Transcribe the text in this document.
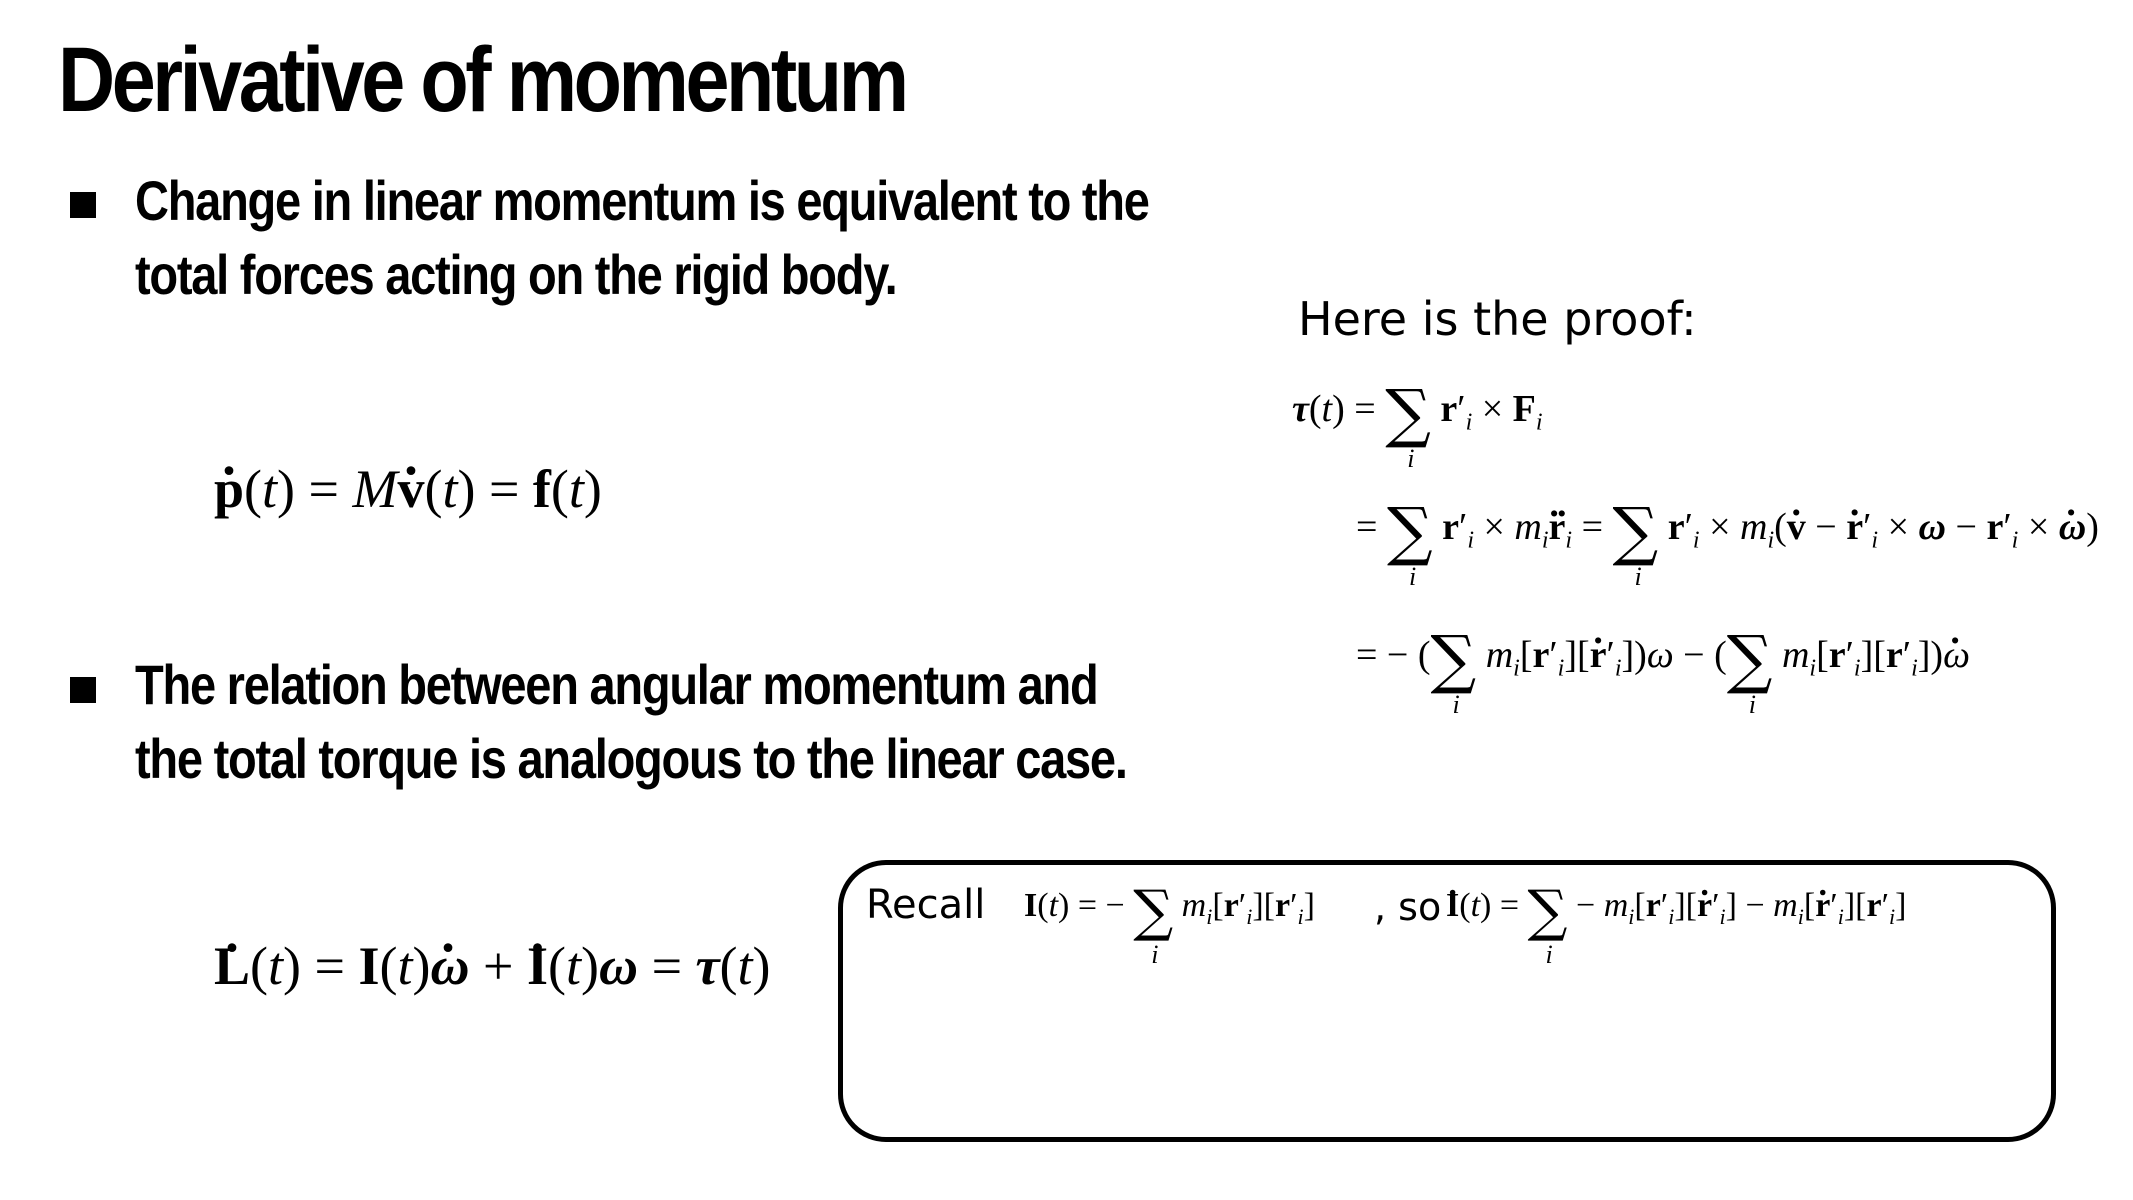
Derivative of momentum
Change in linear momentum is equivalent to the
total forces acting on the rigid body.
. p(t) = M. v(t) = f(t)
The relation between angular momentum and
the total torque is analogous to the linear case.
. L(t) = I(t). ω + . I(t)ω = τ(t)
Here is the proof:
τ(t) = ∑
i
$r'_i \times F_i$
= ∑
i
$r'_i \times m_i$.. $r_i$ = ∑
i
$r'_i \times m_i$(. v − . $r'_i \times \omega - r'_i$ × . ω)
= − (∑
i
$m_i[r'_i]$[. $r'_i])\omega$ − (∑
i
$m_i[r'_i][r'_i]$). ω
Recall I(t) = − ∑
i
$m_i[r'_i][r'_i]$ , so
. I(t) = ∑
i
− $m_i[r'_i]$[. $r'_i] - m_i$[. $r'_i][r'_i]$
